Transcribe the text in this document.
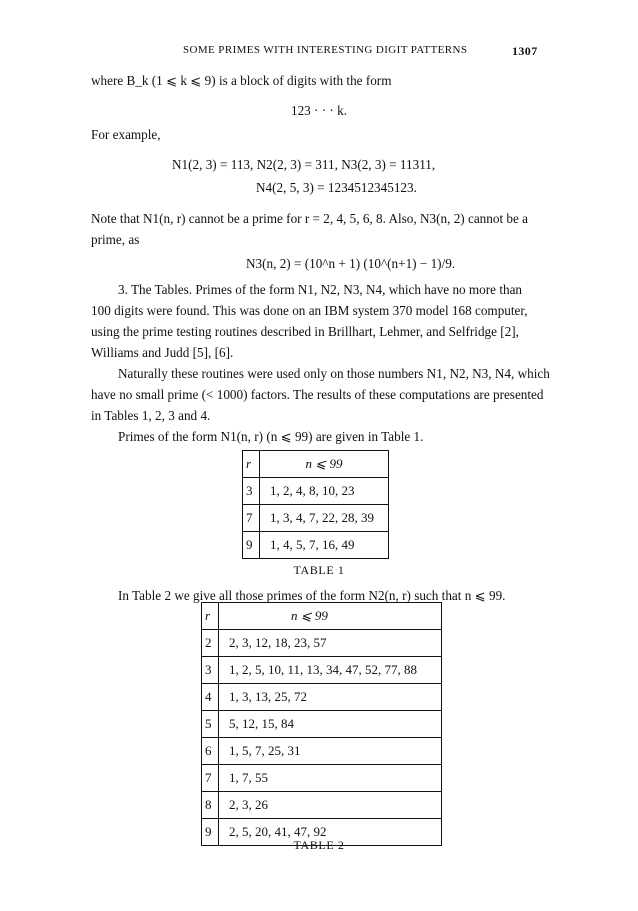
SOME PRIMES WITH INTERESTING DIGIT PATTERNS	1307
where B_k (1 ⩽ k ⩽ 9) is a block of digits with the form
123 · · · k.
For example,
N1(2, 3) = 113, N2(2, 3) = 311, N3(2, 3) = 11311,
N4(2, 5, 3) = 1234512345123.
Note that N1(n, r) cannot be a prime for r = 2, 4, 5, 6, 8. Also, N3(n, 2) cannot be a
prime, as
N3(n, 2) = (10^n + 1) (10^(n+1) − 1)/9.
3. The Tables. Primes of the form N1, N2, N3, N4, which have no more than
100 digits were found. This was done on an IBM system 370 model 168 computer,
using the prime testing routines described in Brillhart, Lehmer, and Selfridge [2],
Williams and Judd [5], [6].
Naturally these routines were used only on those numbers N1, N2, N3, N4, which
have no small prime (< 1000) factors. The results of these computations are presented
in Tables 1, 2, 3 and 4.
Primes of the form N1(n, r) (n ⩽ 99) are given in Table 1.
r	n ⩽ 99
3	1, 2, 4, 8, 10, 23
7	1, 3, 4, 7, 22, 28, 39
9	1, 4, 5, 7, 16, 49
TABLE 1
In Table 2 we give all those primes of the form N2(n, r) such that n ⩽ 99.
r	n ⩽ 99
2	2, 3, 12, 18, 23, 57
3	1, 2, 5, 10, 11, 13, 34, 47, 52, 77, 88
4	1, 3, 13, 25, 72
5	5, 12, 15, 84
6	1, 5, 7, 25, 31
7	1, 7, 55
8	2, 3, 26
9	2, 5, 20, 41, 47, 92
TABLE 2
